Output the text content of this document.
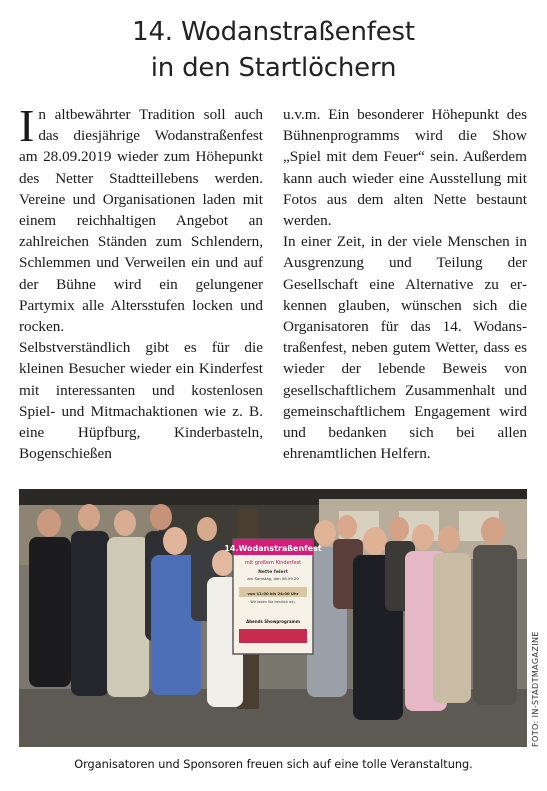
14. Wodanstraßenfest
in den Startlöchern

In altbewährter Tradition soll auch das diesjährige Wodanstraßenfest am 28.09.2019 wieder zum Höhepunkt des Netter Stadtteillebens werden. Vereine und Organisationen laden mit einem reichhaltigen Angebot an zahlreichen Ständen zum Schlendern, Schlemmen und Verweilen ein und auf der Bühne wird ein gelungener Partymix alle Altersstufen locken und rocken.

Selbstverständlich gibt es für die kleinen Besucher wieder ein Kinderfest mit interessanten und kostenlosen Spiel- und Mitmachaktionen wie z. B. eine Hüpfburg, Kinderbasteln, Bogenschießen

u.v.m. Ein besonderer Höhepunkt des Bühnenprogramms wird die Show „Spiel mit dem Feuer“ sein. Außerdem kann auch wieder eine Ausstellung mit Fotos aus dem alten Nette bestaunt werden.

In einer Zeit, in der viele Menschen in Ausgrenzung und Teilung der Gesellschaft eine Alternative zu erkennen glauben, wünschen sich die Organisatoren für das 14. Wodanstraßenfest, neben gutem Wetter, dass es wieder der lebende Beweis von gesellschaftlichem Zusammenhalt und gemeinschaftlichem Engagement wird und bedanken sich bei allen ehrenamtlichen Helfern.

14.Wodanstraßenfest
mit großem Kinderfest
Nette feiert
am Samstag, den 28.09.20
von 11:00 bis 24:00 Uhr
Wir laden Sie herzlich ein.
Abends Showprogramm
FOTO: IN-STADTMAGAZINE
Organisatoren und Sponsoren freuen sich auf eine tolle Veranstaltung.
